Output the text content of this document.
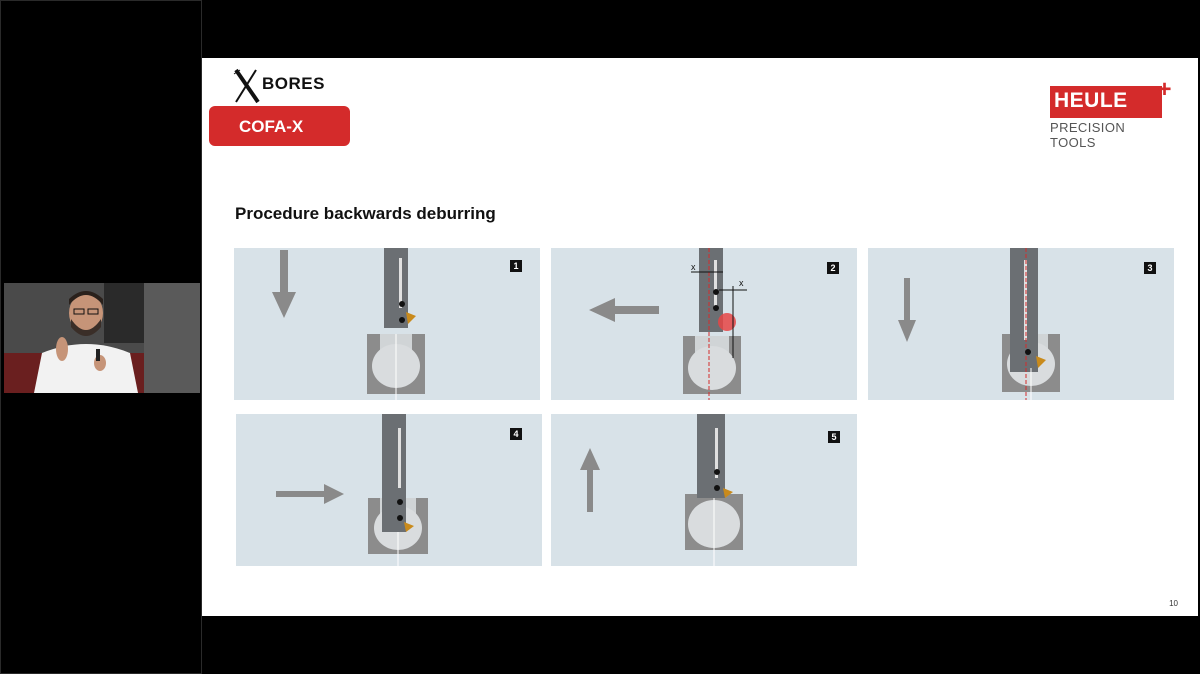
BORES
COFA-X
HEULE +
PRECISION TOOLS
Procedure backwards deburring
1	x
x
2	3
4	5
10
